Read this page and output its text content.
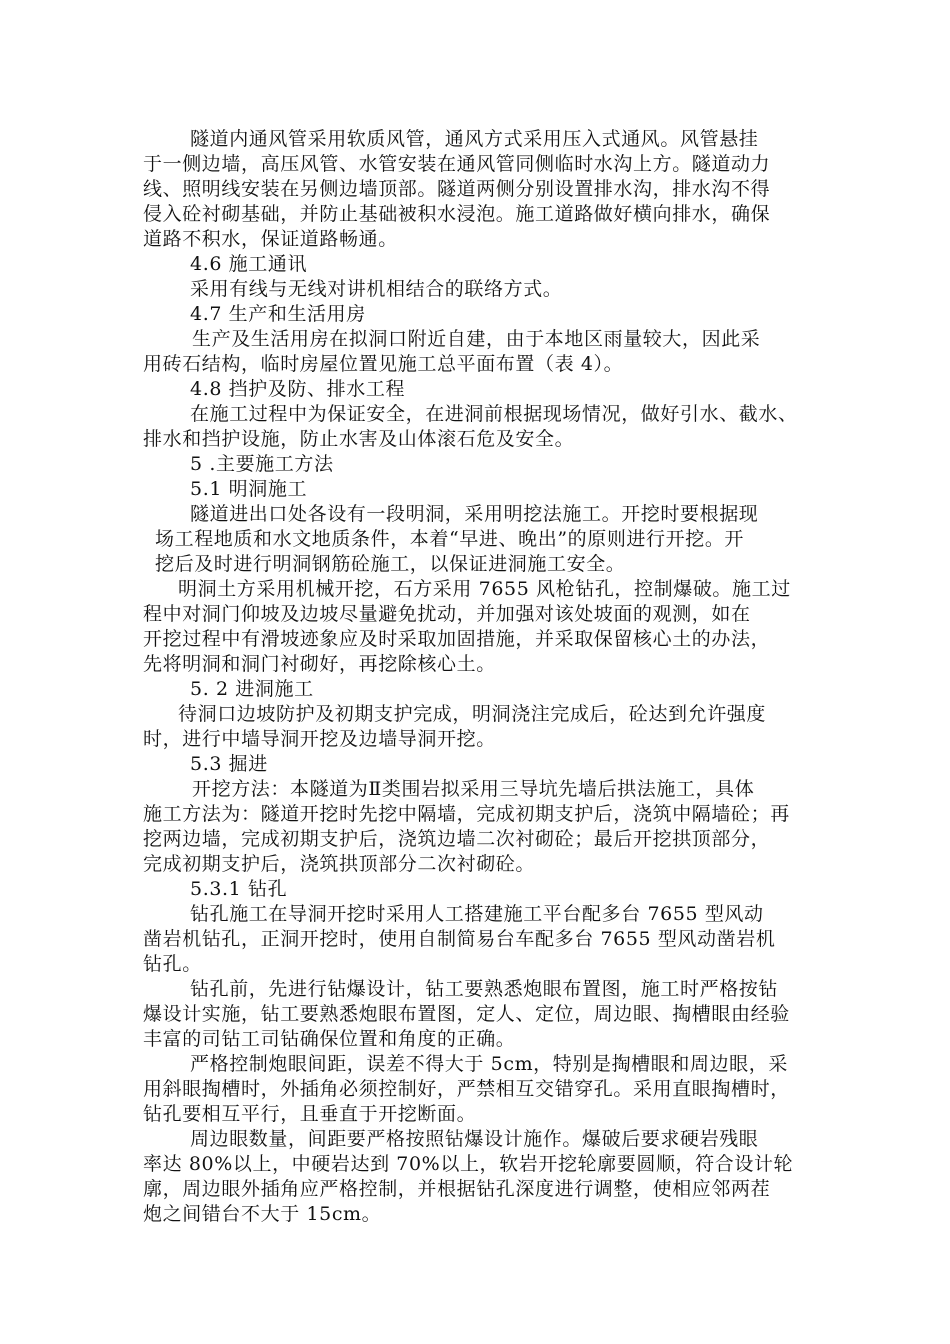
隧道内通风管采用软质风管，通风方式采用压入式通风。风管悬挂

于一侧边墙，高压风管、水管安装在通风管同侧临时水沟上方。隧道动力

线、照明线安装在另侧边墙顶部。隧道两侧分别设置排水沟，排水沟不得

侵入砼衬砌基础，并防止基础被积水浸泡。施工道路做好横向排水，确保

道路不积水，保证道路畅通。

4.6 施工通讯

采用有线与无线对讲机相结合的联络方式。

4.7 生产和生活用房

生产及生活用房在拟洞口附近自建，由于本地区雨量较大，因此采

用砖石结构，临时房屋位置见施工总平面布置（表 4）。

4.8 挡护及防、排水工程

在施工过程中为保证安全，在进洞前根据现场情况，做好引水、截水、

排水和挡护设施，防止水害及山体滚石危及安全。

5 .主要施工方法

5.1 明洞施工

隧道进出口处各设有一段明洞，采用明挖法施工。开挖时要根据现

场工程地质和水文地质条件，本着“早进、晚出”的原则进行开挖。开

挖后及时进行明洞钢筋砼施工，以保证进洞施工安全。

明洞土方采用机械开挖，石方采用 7655 风枪钻孔，控制爆破。施工过

程中对洞门仰坡及边坡尽量避免扰动，并加强对该处坡面的观测，如在

开挖过程中有滑坡迹象应及时采取加固措施，并采取保留核心土的办法，

先将明洞和洞门衬砌好，再挖除核心土。

5. 2 进洞施工

待洞口边坡防护及初期支护完成，明洞浇注完成后，砼达到允许强度

时，进行中墙导洞开挖及边墙导洞开挖。

5.3 掘进

开挖方法：本隧道为Ⅱ类围岩拟采用三导坑先墙后拱法施工，具体

施工方法为：隧道开挖时先挖中隔墙，完成初期支护后，浇筑中隔墙砼；再

挖两边墙，完成初期支护后，浇筑边墙二次衬砌砼；最后开挖拱顶部分，

完成初期支护后，浇筑拱顶部分二次衬砌砼。

5.3.1 钻孔

钻孔施工在导洞开挖时采用人工搭建施工平台配多台 7655 型风动

凿岩机钻孔，正洞开挖时，使用自制简易台车配多台 7655 型风动凿岩机

钻孔。

钻孔前，先进行钻爆设计，钻工要熟悉炮眼布置图，施工时严格按钻

爆设计实施，钻工要熟悉炮眼布置图，定人、定位，周边眼、掏槽眼由经验

丰富的司钻工司钻确保位置和角度的正确。

严格控制炮眼间距，误差不得大于 5cm，特别是掏槽眼和周边眼，采

用斜眼掏槽时，外插角必须控制好，严禁相互交错穿孔。采用直眼掏槽时，

钻孔要相互平行，且垂直于开挖断面。

周边眼数量，间距要严格按照钻爆设计施作。爆破后要求硬岩残眼

率达 80%以上，中硬岩达到 70%以上，软岩开挖轮廓要圆顺，符合设计轮

廓，周边眼外插角应严格控制，并根据钻孔深度进行调整，使相应邻两茬

炮之间错台不大于 15cm。
